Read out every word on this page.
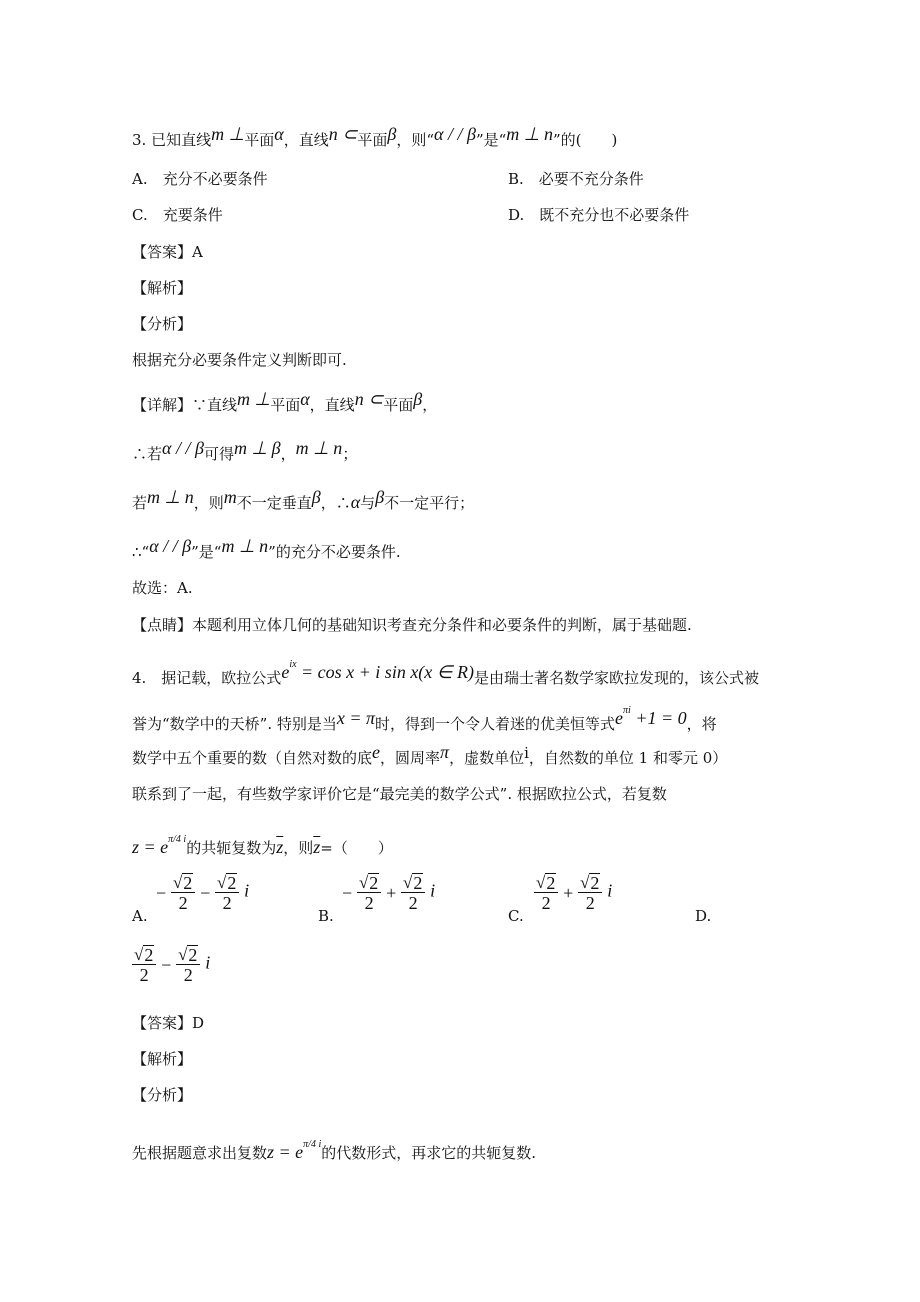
3. 已知直线m ⊥平面α，直线n ⊂平面β，则“α / / β”是“m ⊥ n”的(　　)
A.　充分不必要条件	B.　必要不充分条件
C.　充要条件	D.　既不充分也不必要条件
【答案】A
【解析】
【分析】
根据充分必要条件定义判断即可.
【详解】∵直线m ⊥平面α，直线n ⊂平面β，
∴若α / / β可得m ⊥ β，m ⊥ n；
若m ⊥ n，则m不一定垂直β，∴α与β不一定平行；
∴“α / / β”是“m ⊥ n”的充分不必要条件.
故选：A.
【点睛】本题利用立体几何的基础知识考查充分条件和必要条件的判断，属于基础题.
4.　据记载，欧拉公式$e^{ix} = \cos x + i$ sin x(x ∈ R)是由瑞士著名数学家欧拉发现的，该公式被
誉为“数学中的天桥”. 特别是当x = π时，得到一个令人着迷的优美恒等式$e^{\pi i} +1 = 0$，将
数学中五个重要的数（自然对数的底e，圆周率π，虚数单位i，自然数的单位 1 和零元 0）
联系到了一起，有些数学家评价它是“最完美的数学公式”. 根据欧拉公式，若复数
$z = e^{\pi/4 i}$的共轭复数为$\overline{z}$，则$\overline{z}=$（　　）
A.
−
$\frac{√ 2}{2} - \frac{√ 2}{2}$ i
B.
− $\frac{√ 2}{2} + \frac{√ 2}{2}$ i
C.
$\frac{√ 2}{2} + \frac{√ 2}{2}$ i
D.
$\frac{√ 2}{2} - \frac{√ 2}{2}$ i
【答案】D
【解析】
【分析】
先根据题意求出复数$z = e^{\pi/4 i}$的代数形式，再求它的共轭复数.
